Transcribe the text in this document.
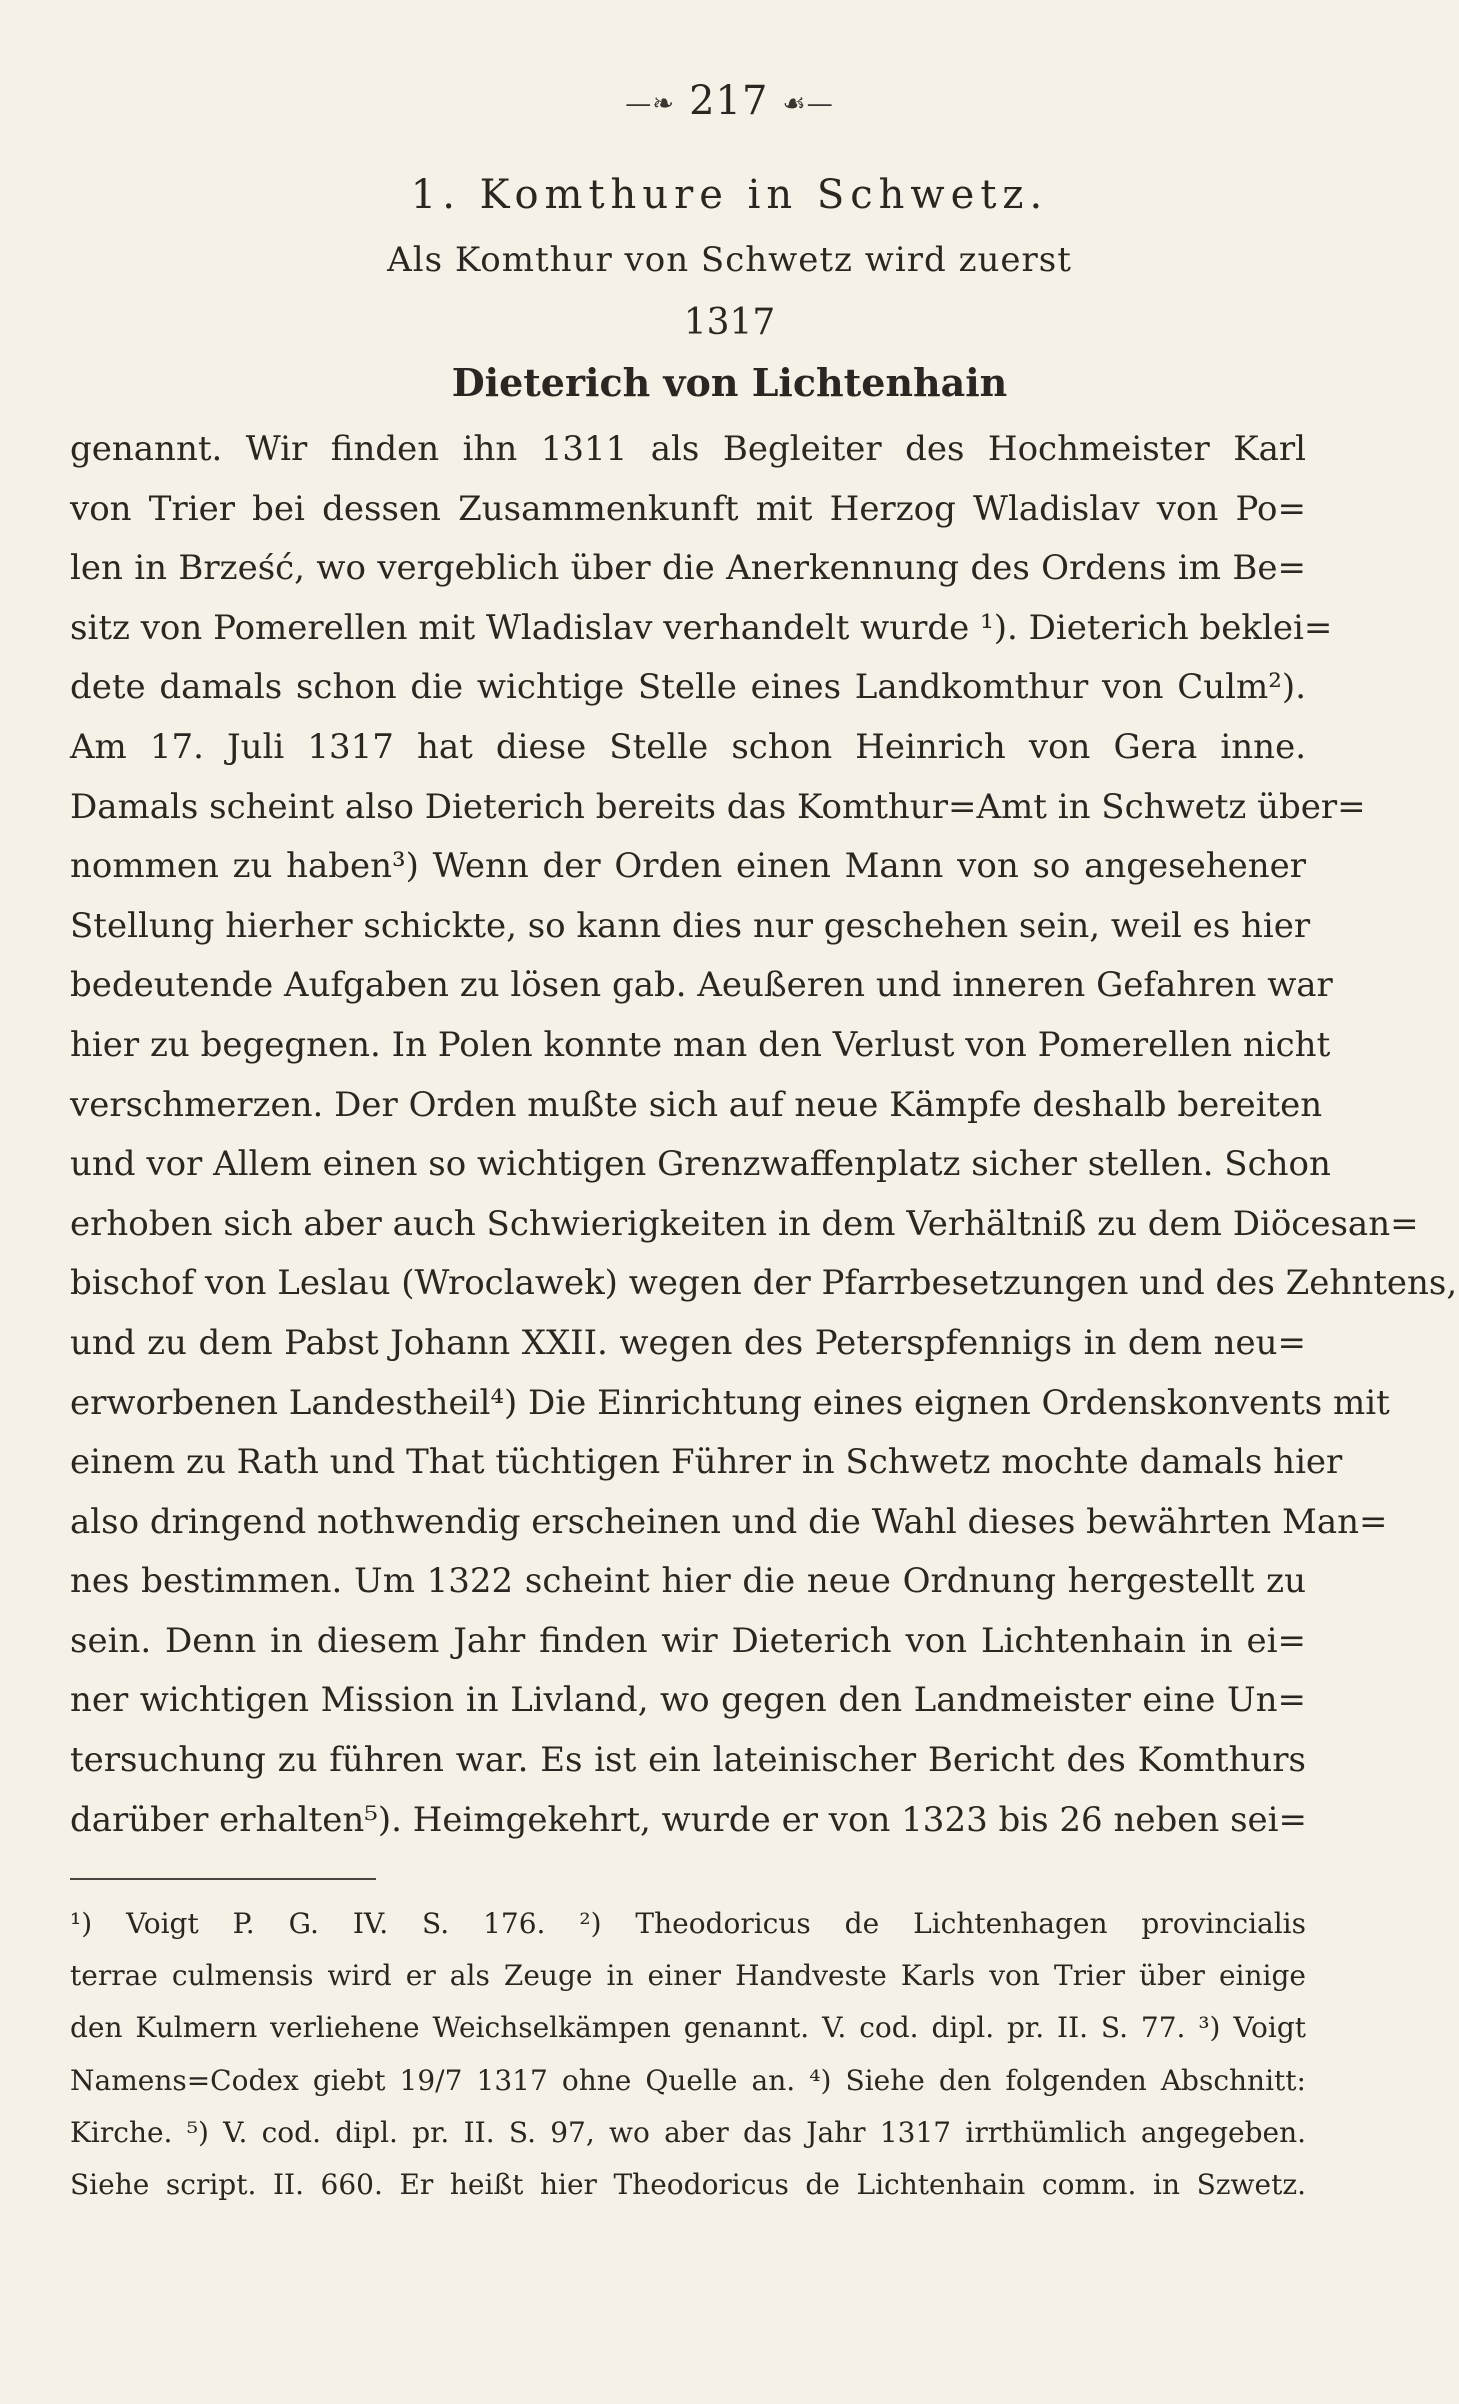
—❧ 217 ☙—
1. Komthure in Schwetz.
Als Komthur von Schwetz wird zuerst
1317
Dieterich von Lichtenhain
genannt. Wir finden ihn 1311 als Begleiter des Hochmeister Karl
von Trier bei dessen Zusammenkunft mit Herzog Wladislav von Po=
len in Brześć, wo vergeblich über die Anerkennung des Ordens im Be=
sitz von Pomerellen mit Wladislav verhandelt wurde ¹). Dieterich beklei=
dete damals schon die wichtige Stelle eines Landkomthur von Culm²).
Am 17. Juli 1317 hat diese Stelle schon Heinrich von Gera inne.
Damals scheint also Dieterich bereits das Komthur=Amt in Schwetz über=
nommen zu haben³) Wenn der Orden einen Mann von so angesehener
Stellung hierher schickte, so kann dies nur geschehen sein, weil es hier
bedeutende Aufgaben zu lösen gab. Aeußeren und inneren Gefahren war
hier zu begegnen. In Polen konnte man den Verlust von Pomerellen nicht
verschmerzen. Der Orden mußte sich auf neue Kämpfe deshalb bereiten
und vor Allem einen so wichtigen Grenzwaffenplatz sicher stellen. Schon
erhoben sich aber auch Schwierigkeiten in dem Verhältniß zu dem Diöcesan=
bischof von Leslau (Wroclawek) wegen der Pfarrbesetzungen und des Zehntens,
und zu dem Pabst Johann XXII. wegen des Peterspfennigs in dem neu=
erworbenen Landestheil⁴) Die Einrichtung eines eignen Ordenskonvents mit
einem zu Rath und That tüchtigen Führer in Schwetz mochte damals hier
also dringend nothwendig erscheinen und die Wahl dieses bewährten Man=
nes bestimmen. Um 1322 scheint hier die neue Ordnung hergestellt zu
sein. Denn in diesem Jahr finden wir Dieterich von Lichtenhain in ei=
ner wichtigen Mission in Livland, wo gegen den Landmeister eine Un=
tersuchung zu führen war. Es ist ein lateinischer Bericht des Komthurs
darüber erhalten⁵). Heimgekehrt, wurde er von 1323 bis 26 neben sei=
¹) Voigt P. G. IV. S. 176. ²) Theodoricus de Lichtenhagen provincialis
terrae culmensis wird er als Zeuge in einer Handveste Karls von Trier über einige
den Kulmern verliehene Weichselkämpen genannt. V. cod. dipl. pr. II. S. 77. ³) Voigt
Namens=Codex giebt 19/7 1317 ohne Quelle an. ⁴) Siehe den folgenden Abschnitt:
Kirche. ⁵) V. cod. dipl. pr. II. S. 97, wo aber das Jahr 1317 irrthümlich angegeben.
Siehe script. II. 660. Er heißt hier Theodoricus de Lichtenhain comm. in Szwetz.
